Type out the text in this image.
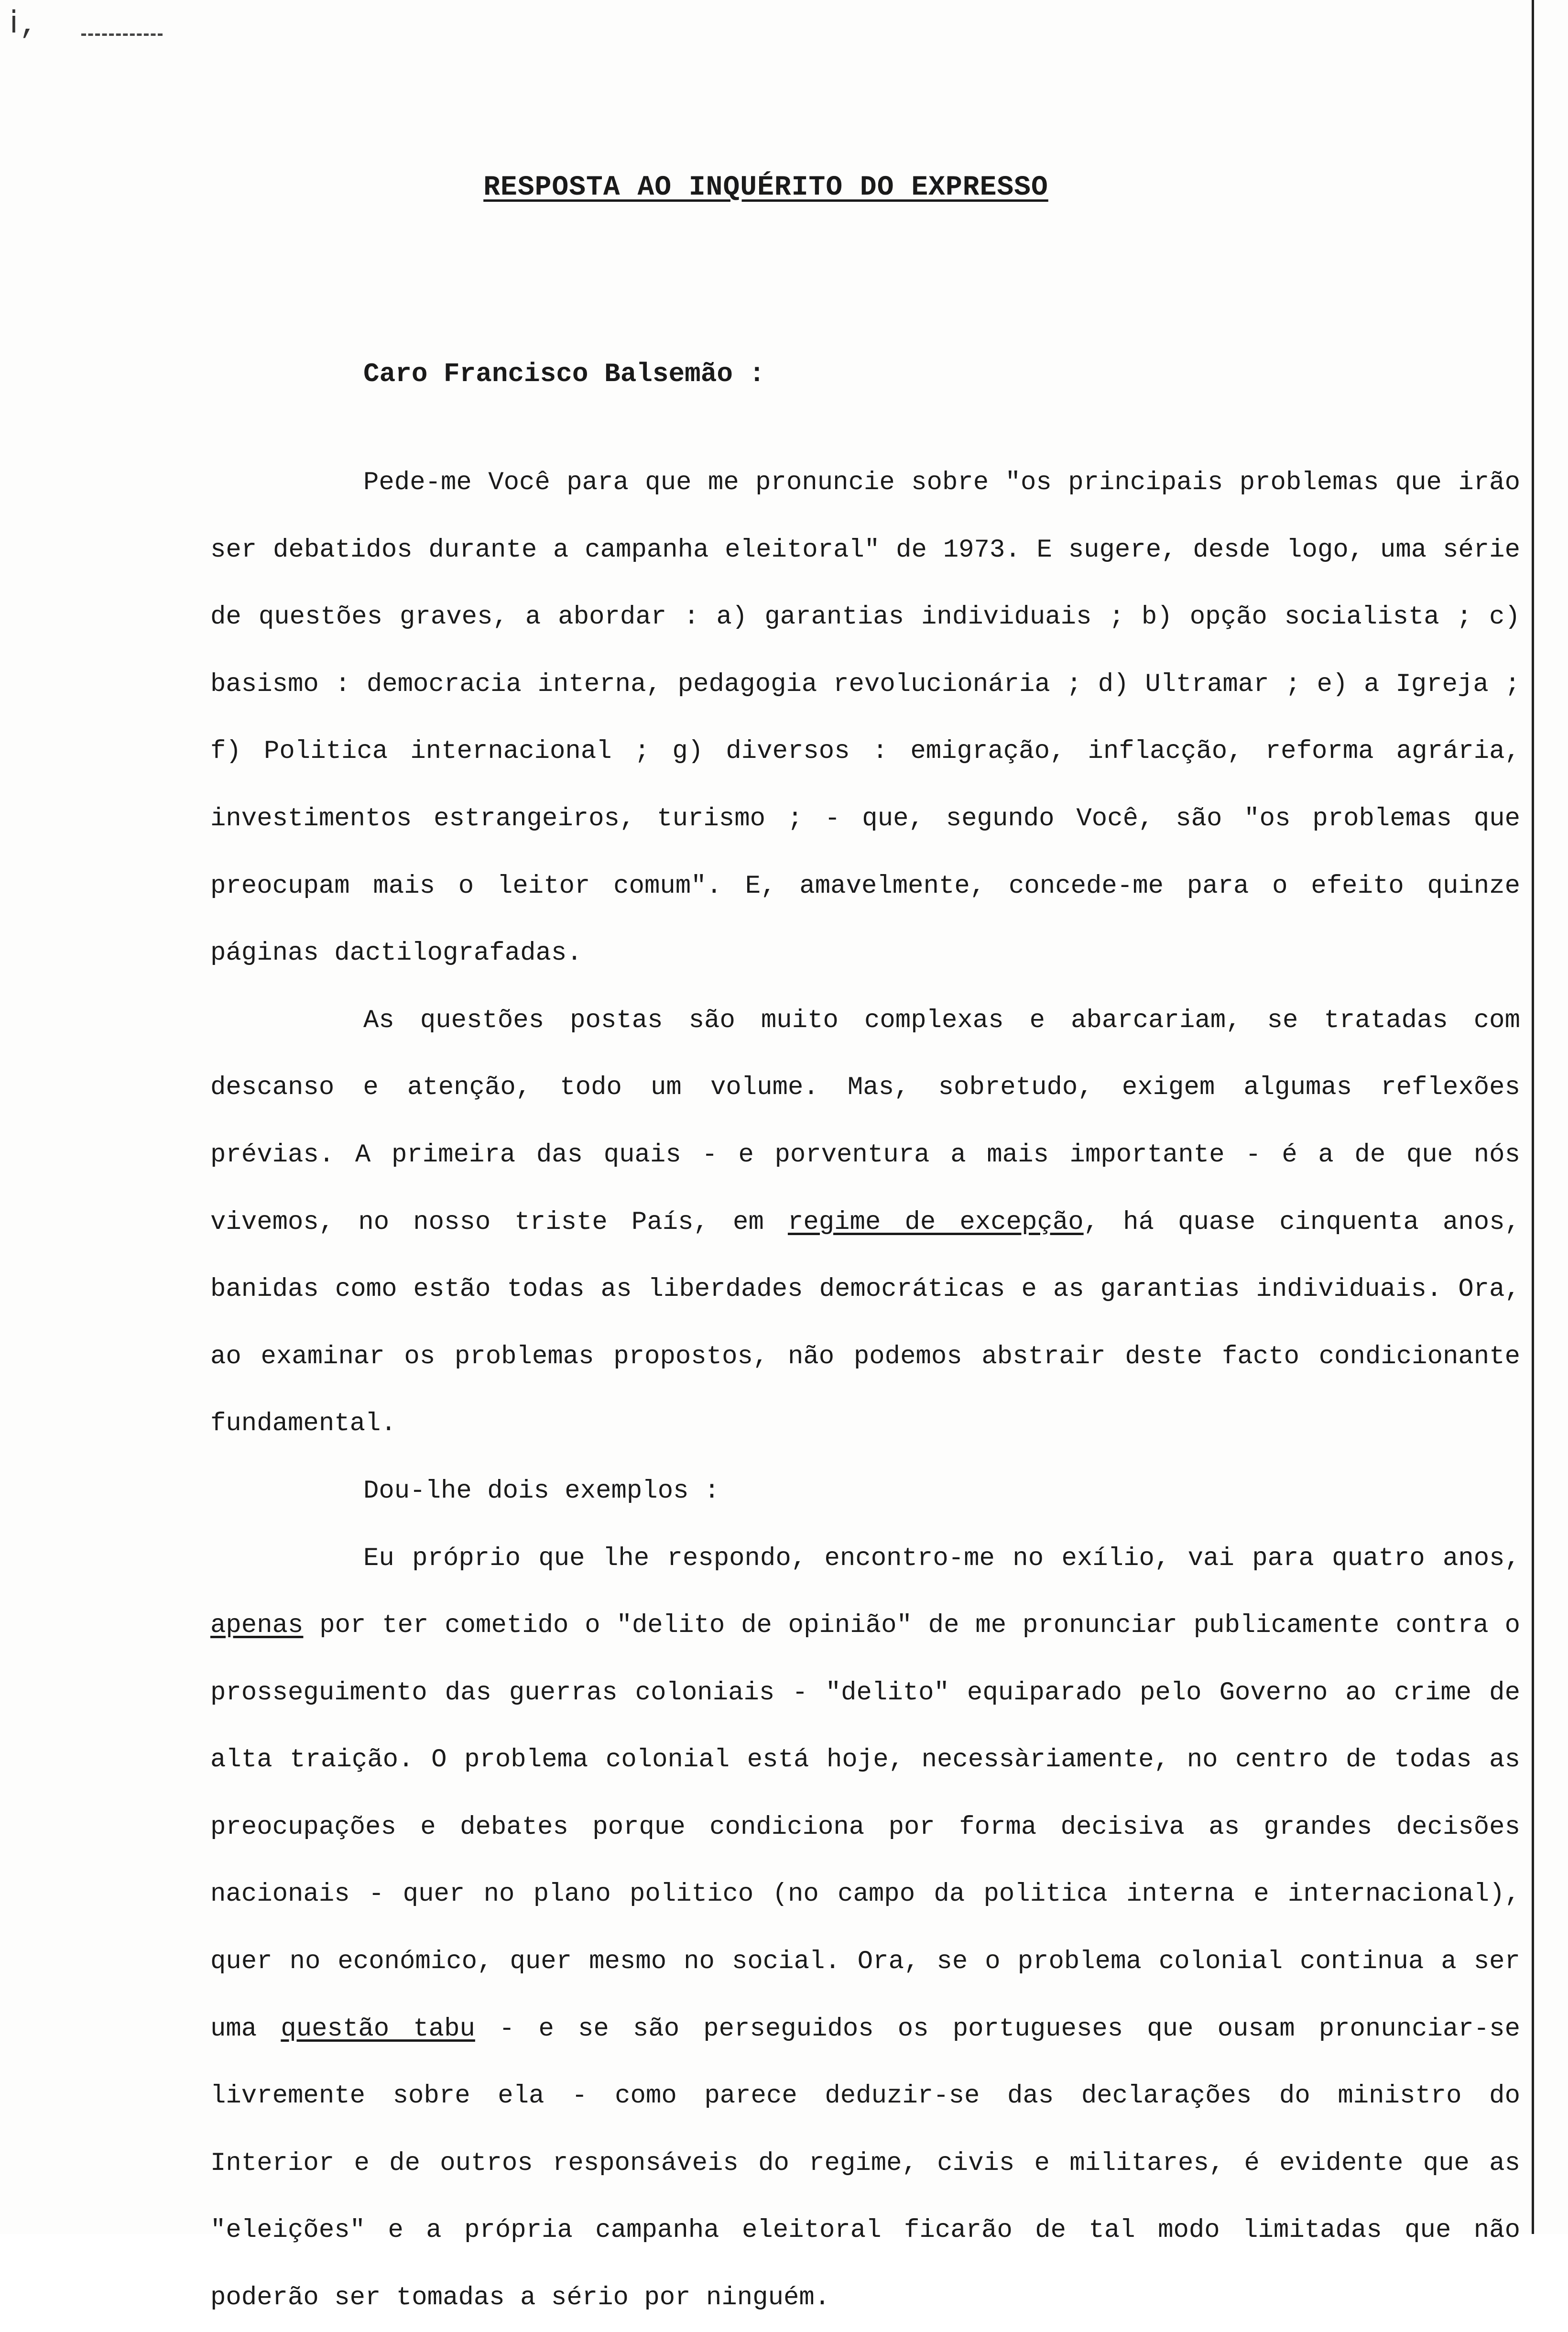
ⅰ‚
RESPOSTA AO INQUÉRITO DO EXPRESSO
Caro Francisco Balsemão :

Pede-me Você para que me pronuncie sobre "os principais problemas que irão ser debatidos durante a campanha eleitoral" de 1973. E sugere, desde logo, uma série de questões graves, a abordar : a) garantias individuais ; b) opção socialista ; c) basismo : democracia interna, pedagogia revolucionária ; d) Ultramar ; e) a Igreja ; f) Politica internacional ; g) diversos : emigração, inflacção, reforma agrária, investimentos estrangeiros, turismo ; - que, segundo Você, são "os problemas que preocupam mais o leitor comum". E, amavelmente, concede-me para o efeito quinze páginas dactilografadas.

As questões postas são muito complexas e abarcariam, se tratadas com descanso e atenção, todo um volume. Mas, sobretudo, exigem algumas reflexões prévias. A primeira das quais - e porventura a mais importante - é a de que nós vivemos, no nosso triste País, em regime de excepção, há quase cinquenta anos, banidas como estão todas as liberdades democráticas e as garantias individuais. Ora, ao examinar os problemas propostos, não podemos abstrair deste facto condicionante fundamental.

Dou-lhe dois exemplos :

Eu próprio que lhe respondo, encontro-me no exílio, vai para quatro anos, apenas por ter cometido o "delito de opinião" de me pronunciar publicamente contra o prosseguimento das guerras coloniais - "delito" equiparado pelo Governo ao crime de alta traição. O problema colonial está hoje, necessàriamente, no centro de todas as preocupações e debates porque condiciona por forma decisiva as grandes decisões nacionais - quer no plano politico (no campo da politica interna e internacional), quer no económico, quer mesmo no social. Ora, se o problema colonial continua a ser uma questão tabu - e se são perseguidos os portugueses que ousam pronunciar-se livremente sobre ela - como parece deduzir-se das declarações do ministro do Interior e de outros responsáveis do regime, civis e militares, é evidente que as "eleições" e a própria campanha eleitoral ficarão de tal modo limitadas que não poderão ser tomadas a sério por ninguém.
